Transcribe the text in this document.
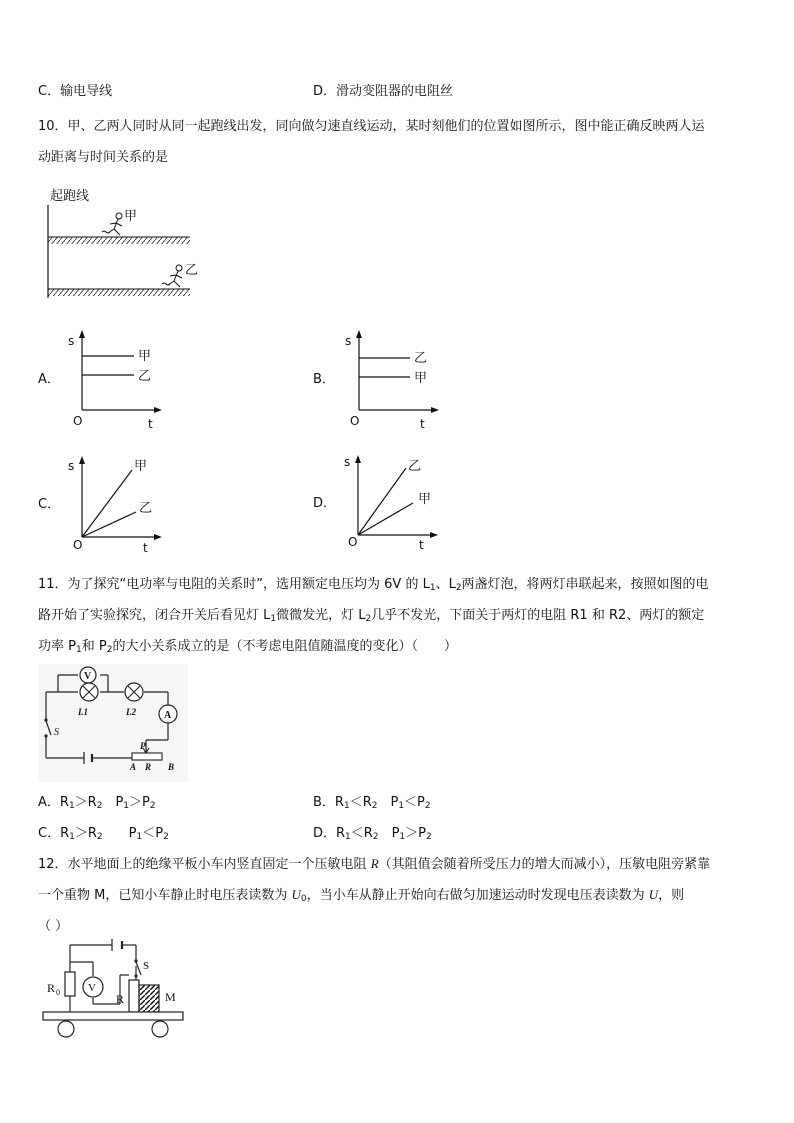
C．输电导线	D．滑动变阻器的电阻丝
10．甲、乙两人同时从同一起跑线出发，同向做匀速直线运动，某时刻他们的位置如图所示，图中能正确反映两人运
动距离与时间关系的是
起跑线
甲
乙
s
t
O
甲
乙
A．
s
t
O
乙
甲
B．
s
t
O
甲
乙
C．
s
t
O
乙
甲
D．
11．为了探究“电功率与电阻的关系时”，选用额定电压均为 6V 的 $L_1$、$L_2$两盏灯泡，将两灯串联起来，按照如图的电
路开始了实验探究，闭合开关后看见灯 $L_1$微微发光，灯 $L_2$几乎不发光，下面关于两灯的电阻 R1 和 R2、两灯的额定
功率 $P_1$和 $P_2$的大小关系成立的是（不考虑电阻值随温度的变化）（　　）
V
L1	L2	A
S
P
A R B
A．$R_1>R_2$　$P_1>P_2$	B．$R_1<R_2$　$P_1<P_2$
C．$R_1>R_2$　　$P_1<P_2$	D．$R_1<R_2$　$P_1>P_2$
12．水平地面上的绝缘平板小车内竖直固定一个压敏电阻 R（其阻值会随着所受压力的增大而减小），压敏电阻旁紧靠
一个重物 M，已知小车静止时电压表读数为 $U_0$，当小车从静止开始向右做匀加速运动时发现电压表读数为 U，则
（ ）
R 0	V
S
R	M
